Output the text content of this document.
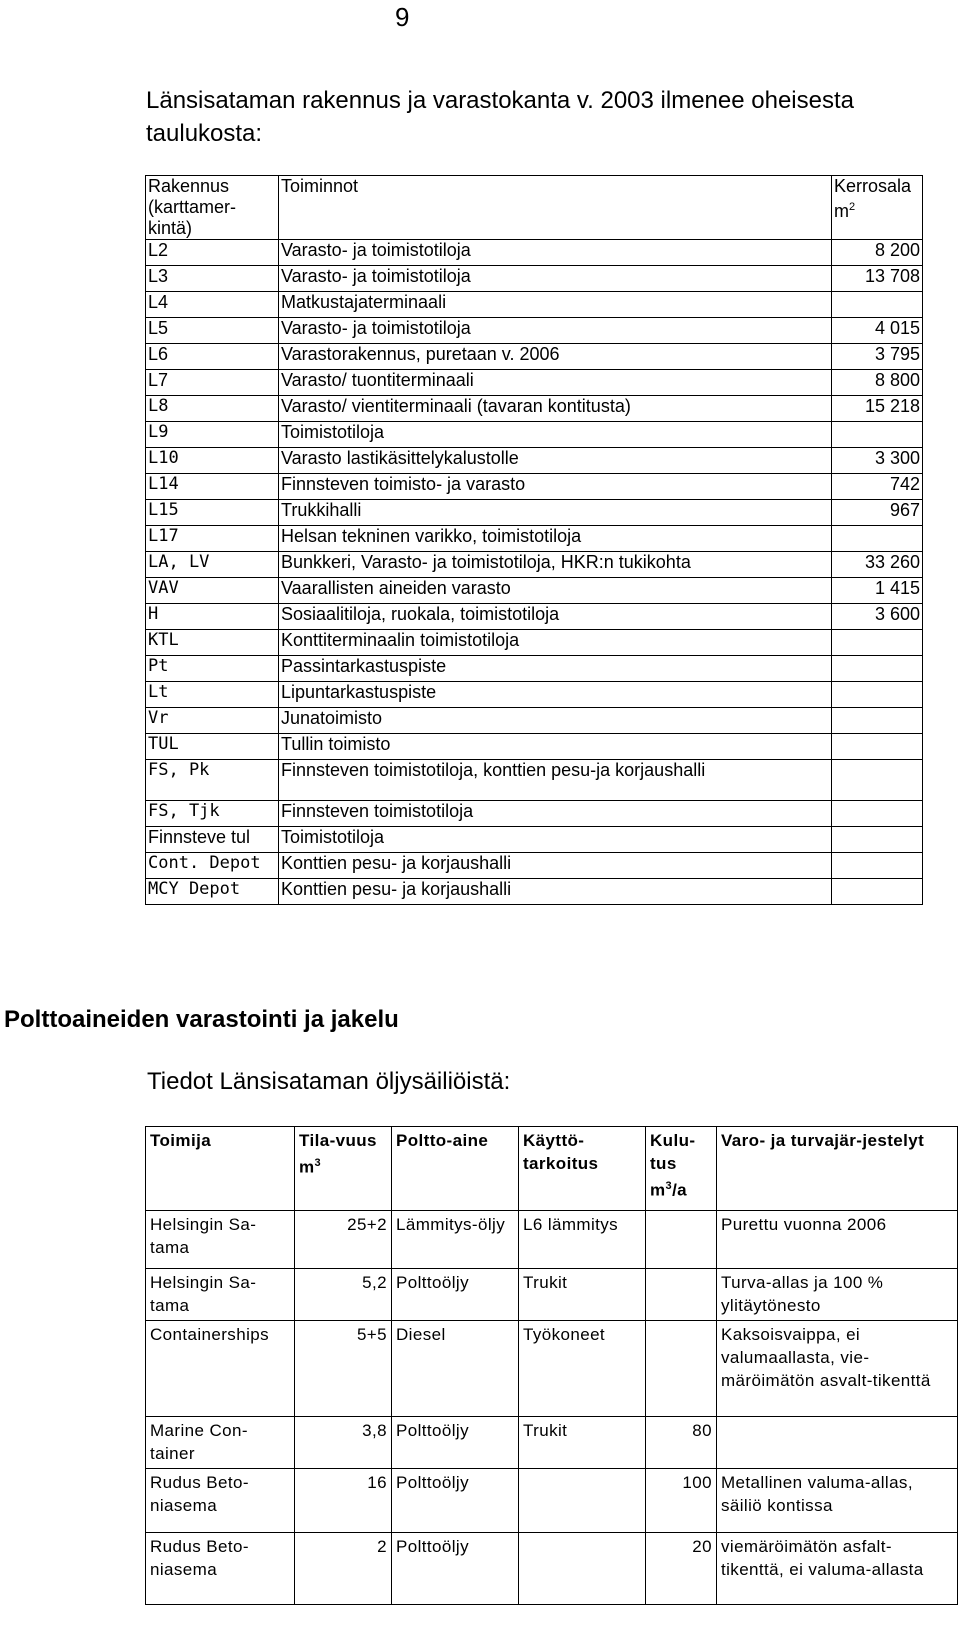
9
Länsisataman rakennus ja varastokanta v. 2003 ilmenee oheisesta taulukosta:
Rakennus (karttamer-kintä)	Toiminnot	Kerrosala $m^2$
L2	Varasto- ja toimistotiloja	8 200
L3	Varasto- ja toimistotiloja	13 708
L4	Matkustajaterminaali	
L5	Varasto- ja toimistotiloja	4 015
L6	Varastorakennus, puretaan v. 2006	3 795
L7	Varasto/ tuontiterminaali	8 800
L8	Varasto/ vientiterminaali (tavaran kontitusta)	15 218
L9	Toimistotiloja	
L10	Varasto lastikäsittelykalustolle	3 300
L14	Finnsteven toimisto- ja varasto	742
L15	Trukkihalli	967
L17	Helsan tekninen varikko, toimistotiloja	
LA, LV	Bunkkeri, Varasto- ja toimistotiloja, HKR:n tukikohta	33 260
VAV	Vaarallisten aineiden varasto	1 415
H	Sosiaalitiloja, ruokala, toimistotiloja	3 600
KTL	Konttiterminaalin toimistotiloja	
Pt	Passintarkastuspiste	
Lt	Lipuntarkastuspiste	
Vr	Junatoimisto	
TUL	Tullin toimisto	
FS, Pk	Finnsteven toimistotiloja, konttien pesu-ja korjaushalli	
FS, Tjk	Finnsteven toimistotiloja	
Finnsteve tul	Toimistotiloja	
Cont. Depot	Konttien pesu- ja korjaushalli	
MCY Depot	Konttien pesu- ja korjaushalli	
Polttoaineiden varastointi ja jakelu
Tiedot Länsisataman öljysäiliöistä:
Toimija	Tila-vuus $m^3$	Poltto-aine	Käyttö-tarkoitus	Kulu-tus $m^3/a$	Varo- ja turvajär-jestelyt
Helsingin Sa-tama	25+2	Lämmitys-öljy	L6 lämmitys		Purettu vuonna 2006
Helsingin Sa-tama	5,2	Polttoöljy	Trukit		Turva-allas ja 100 % ylitäytönesto
Containerships	5+5	Diesel	Työkoneet		Kaksoisvaippa, ei valumaallasta, vie-märöimätön asvalt-tikenttä
Marine Con-tainer	3,8	Polttoöljy	Trukit	80	
Rudus Beto-niasema	16	Polttoöljy		100	Metallinen valuma-allas, säiliö kontissa
Rudus Beto-niasema	2	Polttoöljy		20	viemäröimätön asfalt-tikenttä, ei valuma-allasta
